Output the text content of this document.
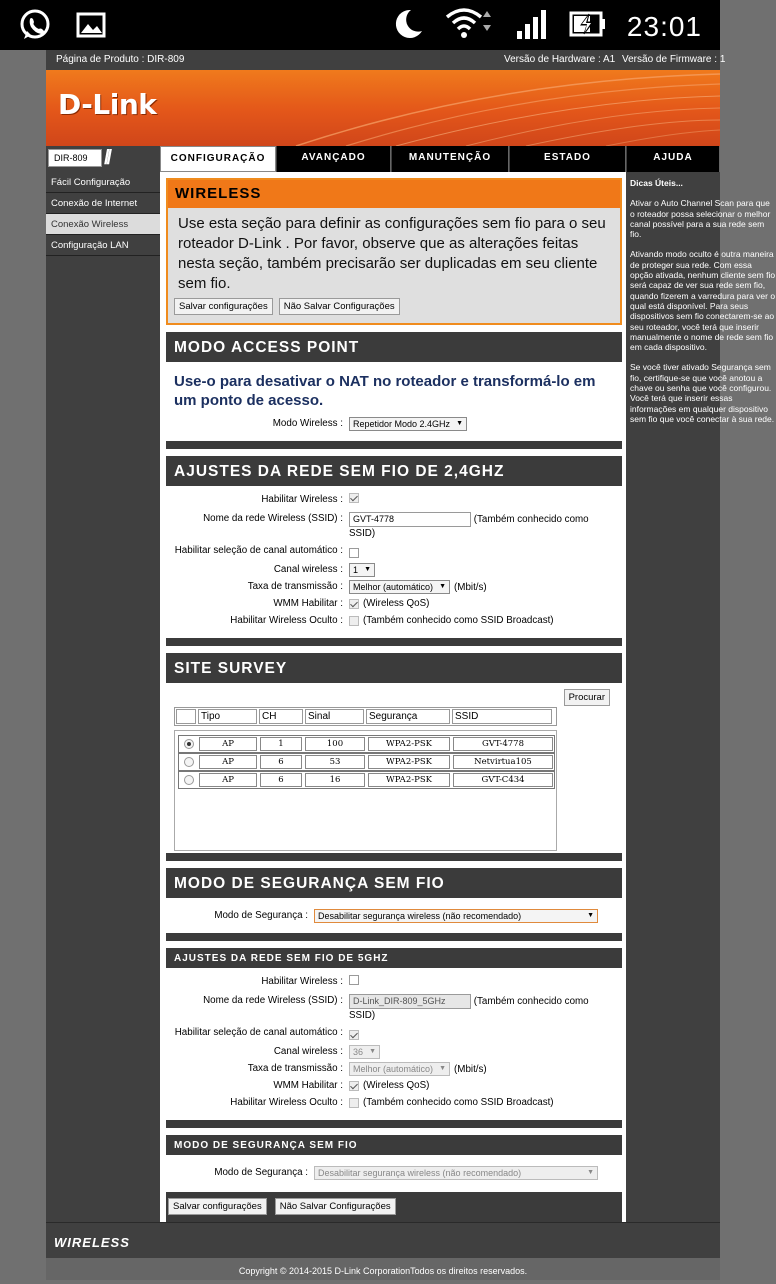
23:01
Página de Produto : DIR-809	Versão de Hardware : A1 Versão de Firmware : 1
D-Link
DIR-809 //	CONFIGURAÇÃO	AVANÇADO	MANUTENÇÃO	ESTADO	AJUDA
Fácil Configuração
Conexão de Internet
Conexão Wireless
Configuração LAN
WIRELESS
Use esta seção para definir as configurações sem fio para o seu roteador D-Link . Por favor, observe que as alterações feitas nesta seção, também precisarão ser duplicadas em seu cliente sem fio.
Salvar configurações	Não Salvar Configurações
MODO ACCESS POINT
Use-o para desativar o NAT no roteador e transformá-lo em um ponto de acesso.
Modo Wireless :	Repetidor Modo 2.4GHz ▼
AJUSTES DA REDE SEM FIO DE 2,4GHZ
Habilitar Wireless :
Nome da rede Wireless (SSID) :	GVT-4778	(Também conhecido como SSID)
Habilitar seleção de canal automático :
Canal wireless :	1 ▼
Taxa de transmissão :	Melhor (automático) ▼	(Mbit/s)
WMM Habilitar :	(Wireless QoS)
Habilitar Wireless Oculto :	(Também conhecido como SSID Broadcast)
SITE SURVEY
Procurar
Tipo	CH	Sinal	Segurança	SSID
AP	1	100	WPA2-PSK	GVT-4778
AP	6	53	WPA2-PSK	Netvirtua105
AP	6	16	WPA2-PSK	GVT-C434
MODO DE SEGURANÇA SEM FIO
Modo de Segurança :	Desabilitar segurança wireless (não recomendado) ▼
AJUSTES DA REDE SEM FIO DE 5GHZ
Habilitar Wireless :
Nome da rede Wireless (SSID) :	D-Link_DIR-809_5GHz	(Também conhecido como SSID)
Habilitar seleção de canal automático :
Canal wireless :	36 ▼
Taxa de transmissão :	Melhor (automático) ▼	(Mbit/s)
WMM Habilitar :	(Wireless QoS)
Habilitar Wireless Oculto :	(Também conhecido como SSID Broadcast)
MODO DE SEGURANÇA SEM FIO
Modo de Segurança :	Desabilitar segurança wireless (não recomendado) ▼
Salvar configurações	Não Salvar Configurações
Dicas Úteis...

Ativar o Auto Channel Scan para que o roteador possa selecionar o melhor canal possível para a sua rede sem fio.

Ativando modo oculto é outra maneira de proteger sua rede. Com essa opção ativada, nenhum cliente sem fio será capaz de ver sua rede sem fio, quando fizerem a varredura para ver o qual está disponível. Para seus dispositivos sem fio conectarem-se ao seu roteador, você terá que inserir manualmente o nome de rede sem fio em cada dispositivo.

Se você tiver ativado Segurança sem fio, certifique-se que você anotou a chave ou senha que você configurou. Você terá que inserir essas informações em qualquer dispositivo sem fio que você conectar à sua rede.

WIRELESS
Copyright © 2014-2015 D-Link CorporationTodos os direitos reservados.
